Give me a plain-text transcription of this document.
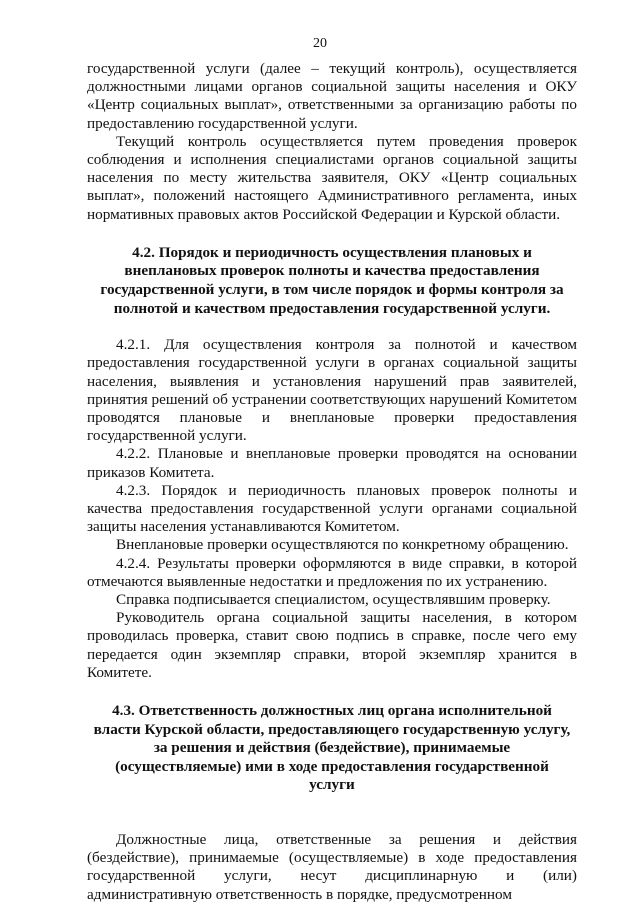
20

государственной услуги (далее – текущий контроль), осуществляется должностными лицами органов социальной защиты населения и ОКУ «Центр социальных выплат», ответственными за организацию работы по предоставлению государственной услуги.

Текущий контроль осуществляется путем проведения проверок соблюдения и исполнения специалистами органов социальной защиты населения по месту жительства заявителя, ОКУ «Центр социальных выплат», положений настоящего Административного регламента, иных нормативных правовых актов Российской Федерации и Курской области.

4.2. Порядок и периодичность осуществления плановых и внеплановых проверок полноты и качества предоставления государственной услуги, в том числе порядок и формы контроля за полнотой и качеством предоставления государственной услуги.

4.2.1. Для осуществления контроля за полнотой и качеством предоставления государственной услуги в органах социальной защиты населения, выявления и установления нарушений прав заявителей, принятия решений об устранении соответствующих нарушений Комитетом проводятся плановые и внеплановые проверки предоставления государственной услуги.

4.2.2. Плановые и внеплановые проверки проводятся на основании приказов Комитета.

4.2.3. Порядок и периодичность плановых проверок полноты и качества предоставления государственной услуги органами социальной защиты населения устанавливаются Комитетом.

Внеплановые проверки осуществляются по конкретному обращению.

4.2.4. Результаты проверки оформляются в виде справки, в которой отмечаются выявленные недостатки и предложения по их устранению.

Справка подписывается специалистом, осуществлявшим проверку.

Руководитель органа социальной защиты населения, в котором проводилась проверка, ставит свою подпись в справке, после чего ему передается один экземпляр справки, второй экземпляр хранится в Комитете.

4.3. Ответственность должностных лиц органа исполнительной власти Курской области, предоставляющего государственную услугу, за решения и действия (бездействие), принимаемые (осуществляемые) ими в ходе предоставления государственной услуги

Должностные лица, ответственные за решения и действия (бездействие), принимаемые (осуществляемые) в ходе предоставления государственной услуги, несут дисциплинарную и (или) административную ответственность в порядке, предусмотренном
